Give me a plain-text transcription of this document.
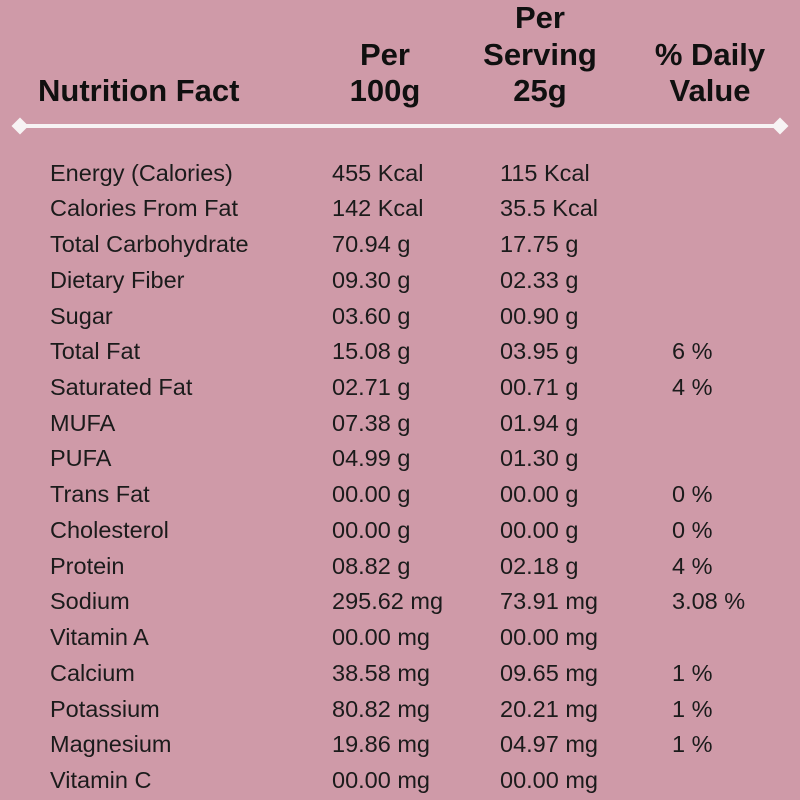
Nutrition Fact	
Per
100g

Per
Serving
25g

% Daily
Value

Energy (Calories)	455 Kcal	115 Kcal	
Calories From Fat	142 Kcal	35.5 Kcal	
Total Carbohydrate	70.94 g	17.75 g	
Dietary Fiber	09.30 g	02.33 g	
Sugar	03.60 g	00.90 g	
Total Fat	15.08 g	03.95 g	6 %
Saturated Fat	02.71 g	00.71 g	4 %
MUFA	07.38 g	01.94 g	
PUFA	04.99 g	01.30 g	
Trans Fat	00.00 g	00.00 g	0 %
Cholesterol	00.00 g	00.00 g	0 %
Protein	08.82 g	02.18 g	4 %
Sodium	295.62 mg	73.91 mg	3.08 %
Vitamin A	00.00 mg	00.00 mg	
Calcium	38.58 mg	09.65 mg	1 %
Potassium	80.82 mg	20.21 mg	1 %
Magnesium	19.86 mg	04.97 mg	1 %
Vitamin C	00.00 mg	00.00 mg	
